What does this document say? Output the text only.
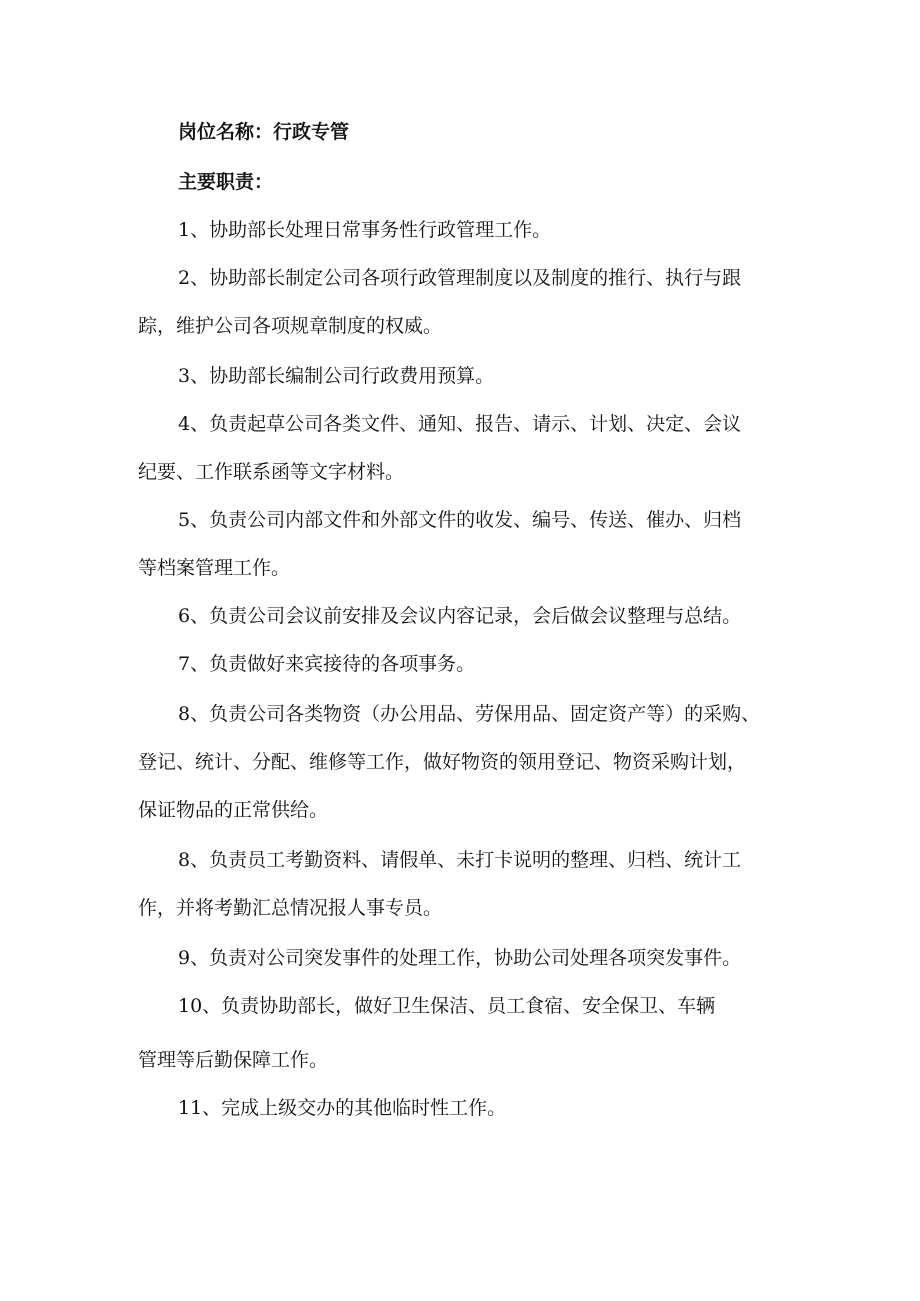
岗位名称：行政专管
主要职责：
1、协助部长处理日常事务性行政管理工作。
2、协助部长制定公司各项行政管理制度以及制度的推行、执行与跟
踪，维护公司各项规章制度的权威。
3、协助部长编制公司行政费用预算。
4、负责起草公司各类文件、通知、报告、请示、计划、决定、会议
纪要、工作联系函等文字材料。
5、负责公司内部文件和外部文件的收发、编号、传送、催办、归档
等档案管理工作。
6、负责公司会议前安排及会议内容记录，会后做会议整理与总结。
7、负责做好来宾接待的各项事务。
8、负责公司各类物资（办公用品、劳保用品、固定资产等）的采购、
登记、统计、分配、维修等工作，做好物资的领用登记、物资采购计划，
保证物品的正常供给。
8、负责员工考勤资料、请假单、未打卡说明的整理、归档、统计工
作，并将考勤汇总情况报人事专员。
9、负责对公司突发事件的处理工作，协助公司处理各项突发事件。
10、负责协助部长，做好卫生保洁、员工食宿、安全保卫、车辆
管理等后勤保障工作。
11、完成上级交办的其他临时性工作。
